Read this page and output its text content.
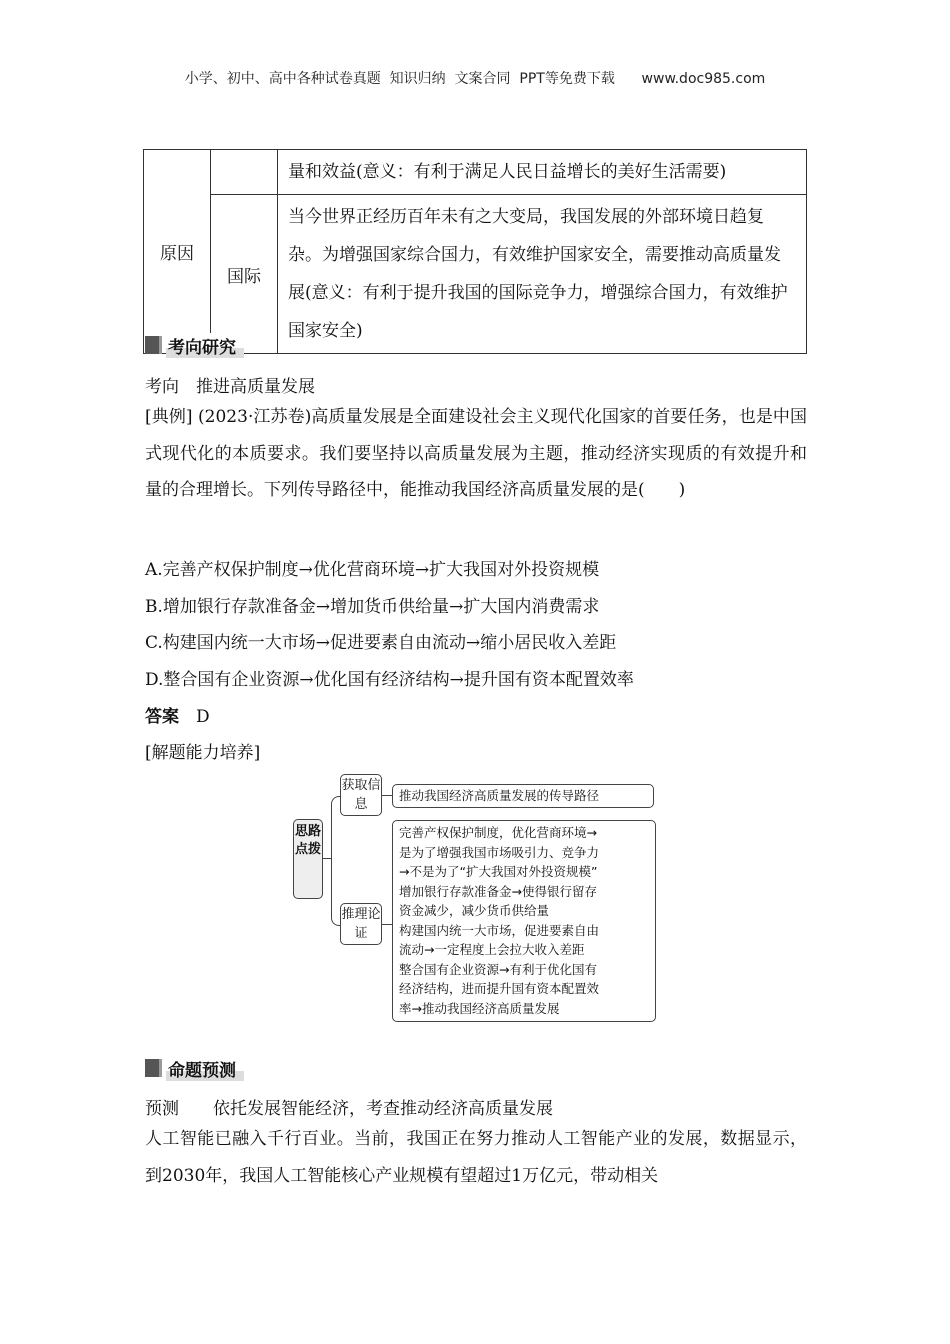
小学、初中、高中各种试卷真题  知识归纳  文案合同  PPT等免费下载      www.doc985.com
原因		量和效益(意义：有利于满足人民日益增长的美好生活需要)
	国际	当今世界正经历百年未有之大变局，我国发展的外部环境日趋复杂。为增强国家综合国力，有效维护国家安全，需要推动高质量发展(意义：有利于提升我国的国际竞争力，增强综合国力，有效维护国家安全)
考向研究
考向　推进高质量发展
[典例] (2023·江苏卷)高质量发展是全面建设社会主义现代化国家的首要任务，也是中国式现代化的本质要求。我们要坚持以高质量发展为主题，推动经济实现质的有效提升和量的合理增长。下列传导路径中，能推动我国经济高质量发展的是(　　)
A.完善产权保护制度→优化营商环境→扩大我国对外投资规模
B.增加银行存款准备金→增加货币供给量→扩大国内消费需求
C.构建国内统一大市场→促进要素自由流动→缩小居民收入差距
D.整合国有企业资源→优化国有经济结构→提升国有资本配置效率
答案　 D
[解题能力培养]
思路点拨
获取信息
推动我国经济高质量发展的传导路径
推理论证
完善产权保护制度，优化营商环境→
是为了增强我国市场吸引力、竞争力
→不是为了“扩大我国对外投资规模”
增加银行存款准备金→使得银行留存
资金减少，减少货币供给量
构建国内统一大市场，促进要素自由
流动→一定程度上会拉大收入差距
整合国有企业资源→有利于优化国有
经济结构，进而提升国有资本配置效
率→推动我国经济高质量发展
命题预测
预测　　依托发展智能经济，考查推动经济高质量发展
人工智能已融入千行百业。当前，我国正在努力推动人工智能产业的发展，数据显示，到2030年，我国人工智能核心产业规模有望超过1万亿元，带动相关
